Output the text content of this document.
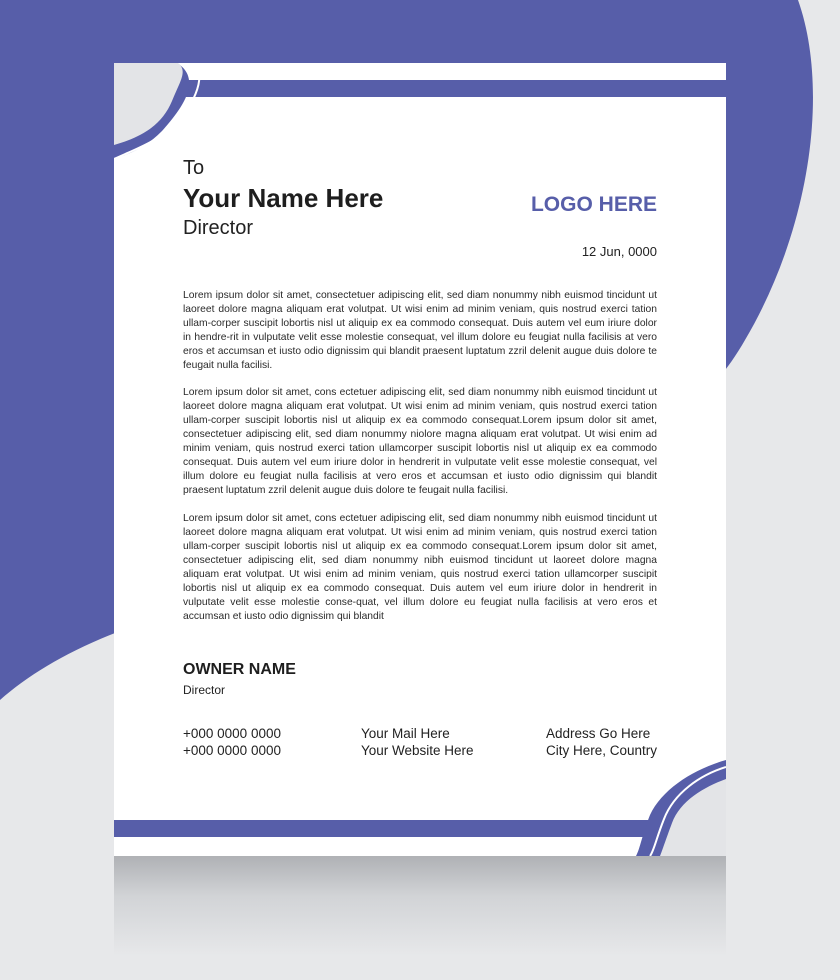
To
Your Name Here
Director
LOGO HERE
12 Jun, 0000

Lorem ipsum dolor sit amet, consectetuer adipiscing elit, sed diam nonummy nibh euismod tincidunt ut laoreet dolore magna aliquam erat volutpat. Ut wisi enim ad minim veniam, quis nostrud exerci tation ullam-corper suscipit lobortis nisl ut aliquip ex ea commodo consequat. Duis autem vel eum iriure dolor in hendre-rit in vulputate velit esse molestie consequat, vel illum dolore eu feugiat nulla facilisis at vero eros et accumsan et iusto odio dignissim qui blandit praesent luptatum zzril delenit augue duis dolore te feugait nulla facilisi.

Lorem ipsum dolor sit amet, cons ectetuer adipiscing elit, sed diam nonummy nibh euismod tincidunt ut laoreet dolore magna aliquam erat volutpat. Ut wisi enim ad minim veniam, quis nostrud exerci tation ullam-corper suscipit lobortis nisl ut aliquip ex ea commodo consequat.Lorem ipsum dolor sit amet, consectetuer adipiscing elit, sed diam nonummy niolore magna aliquam erat volutpat. Ut wisi enim ad minim veniam, quis nostrud exerci tation ullamcorper suscipit lobortis nisl ut aliquip ex ea commodo consequat. Duis autem vel eum iriure dolor in hendrerit in vulputate velit esse molestie consequat, vel illum dolore eu feugiat nulla facilisis at vero eros et accumsan et iusto odio dignissim qui blandit praesent luptatum zzril delenit augue duis dolore te feugait nulla facilisi.

Lorem ipsum dolor sit amet, cons ectetuer adipiscing elit, sed diam nonummy nibh euismod tincidunt ut laoreet dolore magna aliquam erat volutpat. Ut wisi enim ad minim veniam, quis nostrud exerci tation ullam-corper suscipit lobortis nisl ut aliquip ex ea commodo consequat.Lorem ipsum dolor sit amet, consectetuer adipiscing elit, sed diam nonummy nibh euismod tincidunt ut laoreet dolore magna aliquam erat volutpat. Ut wisi enim ad minim veniam, quis nostrud exerci tation ullamcorper suscipit lobortis nisl ut aliquip ex ea commodo consequat. Duis autem vel eum iriure dolor in hendrerit in vulputate velit esse molestie conse-quat, vel illum dolore eu feugiat nulla facilisis at vero eros et accumsan et iusto odio dignissim qui blandit

OWNER NAME
Director
+000 0000 0000
+000 0000 0000
Your Mail Here
Your Website Here
Address Go Here
City Here, Country
